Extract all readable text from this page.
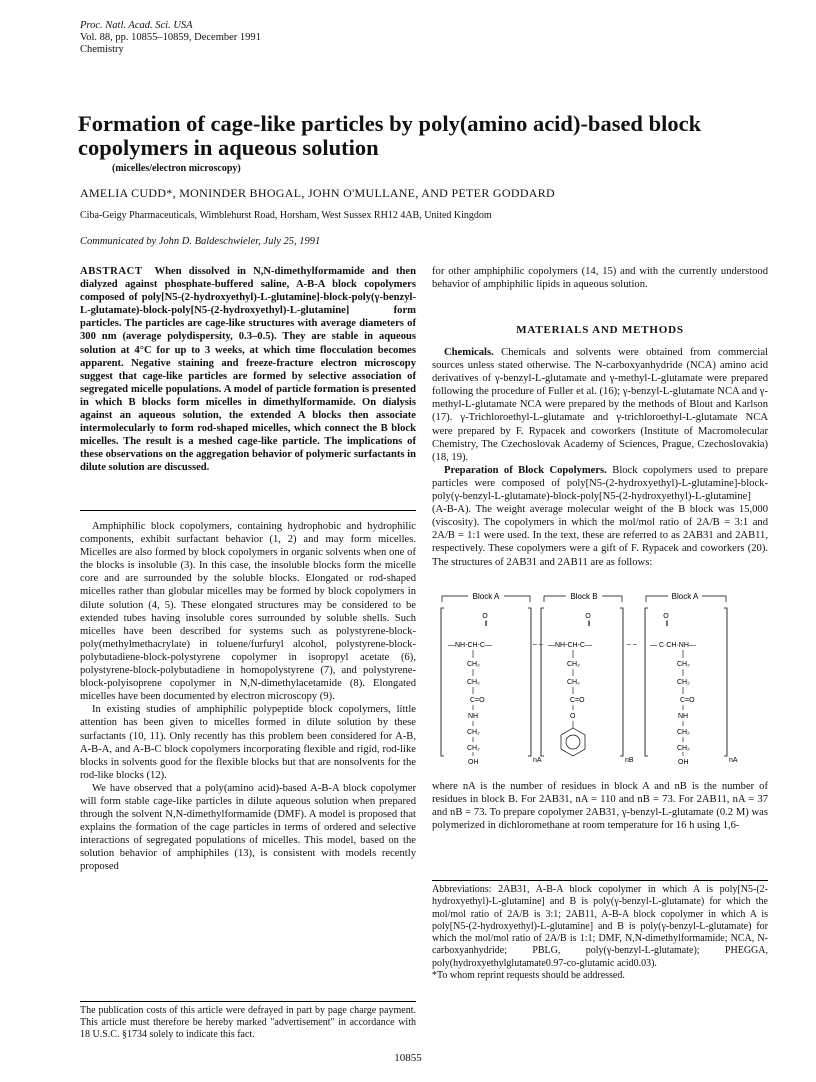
Proc. Natl. Acad. Sci. USA
Vol. 88, pp. 10855–10859, December 1991
Chemistry
Formation of cage-like particles by poly(amino acid)-based block copolymers in aqueous solution
(micelles/electron microscopy)
AMELIA CUDD*, MONINDER BHOGAL, JOHN O'MULLANE, AND PETER GODDARD
Ciba-Geigy Pharmaceuticals, Wimblehurst Road, Horsham, West Sussex RH12 4AB, United Kingdom
Communicated by John D. Baldeschwieler, July 25, 1991
ABSTRACT When dissolved in N,N-dimethylformamide and then dialyzed against phosphate-buffered saline, A-B-A block copolymers composed of poly[N5-(2-hydroxyethyl)-L-glutamine]-block-poly(γ-benzyl-L-glutamate)-block-poly[N5-(2-hydroxyethyl)-L-glutamine] form particles. The particles are cage-like structures with average diameters of 300 nm (average polydispersity, 0.3–0.5). They are stable in aqueous solution at 4°C for up to 3 weeks, at which time flocculation becomes apparent. Negative staining and freeze-fracture electron microscopy suggest that cage-like particles are formed by selective association of segregated micelle populations. A model of particle formation is presented in which B blocks form micelles in dimethylformamide. On dialysis against an aqueous solution, the extended A blocks then associate intermolecularly to form rod-shaped micelles, which connect the B block micelles. The result is a meshed cage-like particle. The implications of these observations on the aggregation behavior of polymeric surfactants in dilute solution are discussed.

Amphiphilic block copolymers, containing hydrophobic and hydrophilic components, exhibit surfactant behavior (1, 2) and may form micelles. Micelles are also formed by block copolymers in organic solvents when one of the blocks is insoluble (3). In this case, the insoluble blocks form the micelle core and are surrounded by the soluble blocks. Elongated or rod-shaped micelles rather than globular micelles may be formed by block copolymers in dilute solution (4, 5). These elongated structures may be considered to be extended tubes having insoluble cores surrounded by soluble shells. Such micelles have been described for systems such as polystyrene-block-poly(methylmethacrylate) in toluene/furfuryl alcohol, polystyrene-block-polybutadiene-block-polystyrene copolymer in isopropyl acetate (6), polystyrene-block-polybutadiene in homopolystyrene (7), and polystyrene-block-polyisoprene copolymer in N,N-dimethylacetamide (8). Elongated micelles have been documented by electron microscopy (9).

In existing studies of amphiphilic polypeptide block copolymers, little attention has been given to micelles formed in dilute solution by these surfactants (10, 11). Only recently has this problem been considered for A-B, A-B-A, and A-B-C block copolymers incorporating flexible and rigid, rod-like blocks in solvents good for the flexible blocks but that are nonsolvents for the rod-like blocks (12).

We have observed that a poly(amino acid)-based A-B-A block copolymer will form stable cage-like particles in dilute aqueous solution when prepared through the solvent N,N-dimethylformamide (DMF). A model is proposed that explains the formation of the cage particles in terms of ordered and selective interactions of segregated populations of micelles. This model, based on the solution behavior of amphiphiles (13), is consistent with models recently proposed

The publication costs of this article were defrayed in part by page charge payment. This article must therefore be hereby marked "advertisement" in accordance with 18 U.S.C. §1734 solely to indicate this fact.

for other amphiphilic copolymers (14, 15) and with the currently understood behavior of amphiphilic lipids in aqueous solution.

MATERIALS AND METHODS

Chemicals. Chemicals and solvents were obtained from commercial sources unless stated otherwise. The N-carboxyanhydride (NCA) amino acid derivatives of γ-benzyl-L-glutamate and γ-methyl-L-glutamate were prepared following the procedure of Fuller et al. (16); γ-benzyl-L-glutamate NCA and γ-methyl-L-glutamate NCA were prepared by the methods of Blout and Karlson (17). γ-Trichloroethyl-L-glutamate and γ-trichloroethyl-L-glutamate NCA were prepared by F. Rypacek and coworkers (Institute of Macromolecular Chemistry, The Czechoslovak Academy of Sciences, Prague, Czechoslovakia) (18, 19).

Preparation of Block Copolymers. Block copolymers used to prepare particles were composed of poly[N5-(2-hydroxyethyl)-L-glutamine]-block-poly(γ-benzyl-L-glutamate)-block-poly[N5-(2-hydroxyethyl)-L-glutamine] (A-B-A). The weight average molecular weight of the B block was 15,000 (viscosity). The copolymers in which the mol/mol ratio of 2A/B = 3:1 and 2A/B = 1:1 were used. In the text, these are referred to as 2AB31 and 2AB11, respectively. These copolymers were a gift of F. Rypacek and coworkers (20). The structures of 2AB31 and 2AB11 are as follows:

Block A	Block B	Block A
nA	nB	nA
– –	– –
O
‖
—NH-CH-C—
CH₂
CH₂
C=O
NH
CH₂
CH₂
OH
O
‖
—NH-CH-C—
CH₂
CH₂
C=O
O
O
‖
— C·CH·NH—
CH₂
CH₂
C=O
NH
CH₂
CH₂
OH

where nA is the number of residues in block A and nB is the number of residues in block B. For 2AB31, nA = 110 and nB = 73. For 2AB11, nA = 37 and nB = 73. To prepare copolymer 2AB31, γ-benzyl-L-glutamate (0.2 M) was polymerized in dichloromethane at room temperature for 16 h using 1,6-

Abbreviations: 2AB31, A-B-A block copolymer in which A is poly[N5-(2-hydroxyethyl)-L-glutamine] and B is poly(γ-benzyl-L-glutamate) for which the mol/mol ratio of 2A/B is 3:1; 2AB11, A-B-A block copolymer in which A is poly[N5-(2-hydroxyethyl)-L-glutamine] and B is poly(γ-benzyl-L-glutamate) for which the mol/mol ratio of 2A/B is 1:1; DMF, N,N-dimethylformamide; NCA, N-carboxyanhydride; PBLG, poly(γ-benzyl-L-glutamate); PHEGGA, poly(hydroxyethylglutamate0.97-co-glutamic acid0.03).
*To whom reprint requests should be addressed.
10855
